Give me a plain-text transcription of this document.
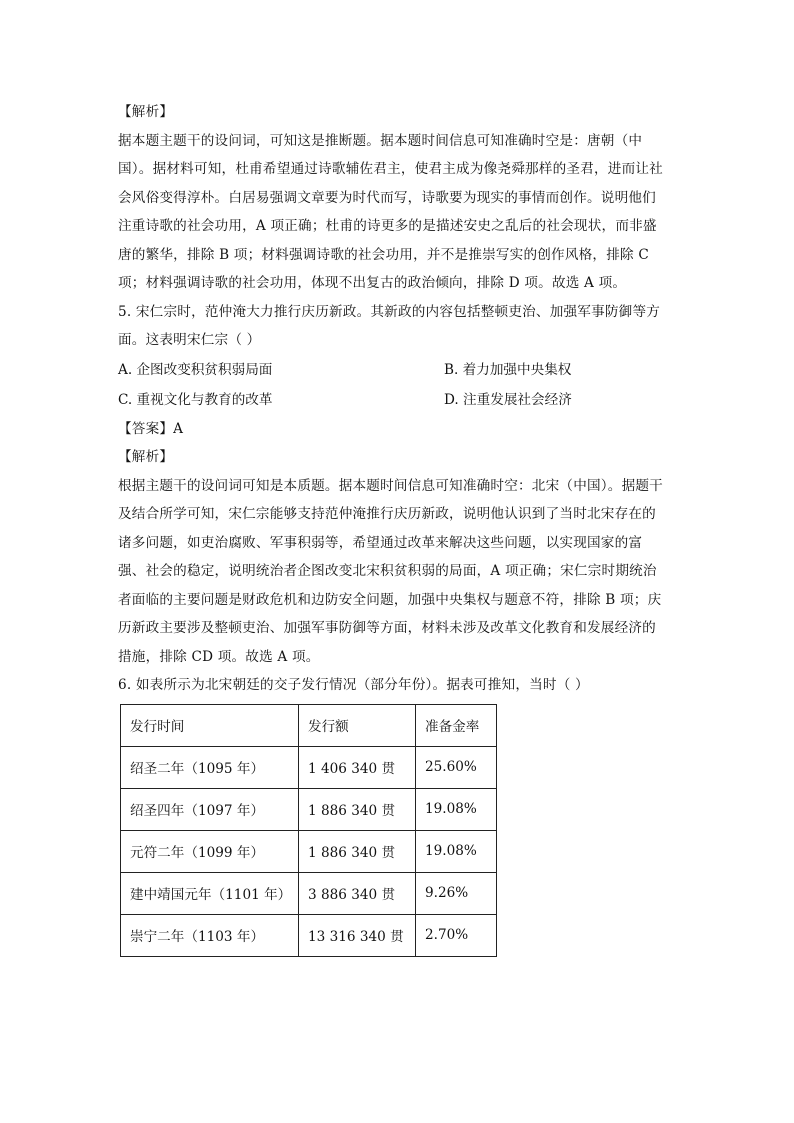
【解析】
据本题主题干的设问词，可知这是推断题。据本题时间信息可知准确时空是：唐朝（中
国）。据材料可知，杜甫希望通过诗歌辅佐君主，使君主成为像尧舜那样的圣君，进而让社
会风俗变得淳朴。白居易强调文章要为时代而写，诗歌要为现实的事情而创作。说明他们
注重诗歌的社会功用，A 项正确；杜甫的诗更多的是描述安史之乱后的社会现状，而非盛
唐的繁华，排除 B 项；材料强调诗歌的社会功用，并不是推崇写实的创作风格，排除 C
项；材料强调诗歌的社会功用，体现不出复古的政治倾向，排除 D 项。故选 A 项。
5. 宋仁宗时，范仲淹大力推行庆历新政。其新政的内容包括整顿吏治、加强军事防御等方
面。这表明宋仁宗（ ）
A. 企图改变积贫积弱局面	B. 着力加强中央集权
C. 重视文化与教育的改革	D. 注重发展社会经济
【答案】A
【解析】
根据主题干的设问词可知是本质题。据本题时间信息可知准确时空：北宋（中国）。据题干
及结合所学可知，宋仁宗能够支持范仲淹推行庆历新政，说明他认识到了当时北宋存在的
诸多问题，如吏治腐败、军事积弱等，希望通过改革来解决这些问题，以实现国家的富
强、社会的稳定，说明统治者企图改变北宋积贫积弱的局面，A 项正确；宋仁宗时期统治
者面临的主要问题是财政危机和边防安全问题，加强中央集权与题意不符，排除 B 项；庆
历新政主要涉及整顿吏治、加强军事防御等方面，材料未涉及改革文化教育和发展经济的
措施，排除 CD 项。故选 A 项。
6. 如表所示为北宋朝廷的交子发行情况（部分年份）。据表可推知，当时（ ）
发行时间	发行额	准备金率
绍圣二年（1095 年）	1 406 340 贯	25.60%
绍圣四年（1097 年）	1 886 340 贯	19.08%
元符二年（1099 年）	1 886 340 贯	19.08%
建中靖国元年（1101 年）	3 886 340 贯	9.26%
崇宁二年（1103 年）	13 316 340 贯	2.70%
